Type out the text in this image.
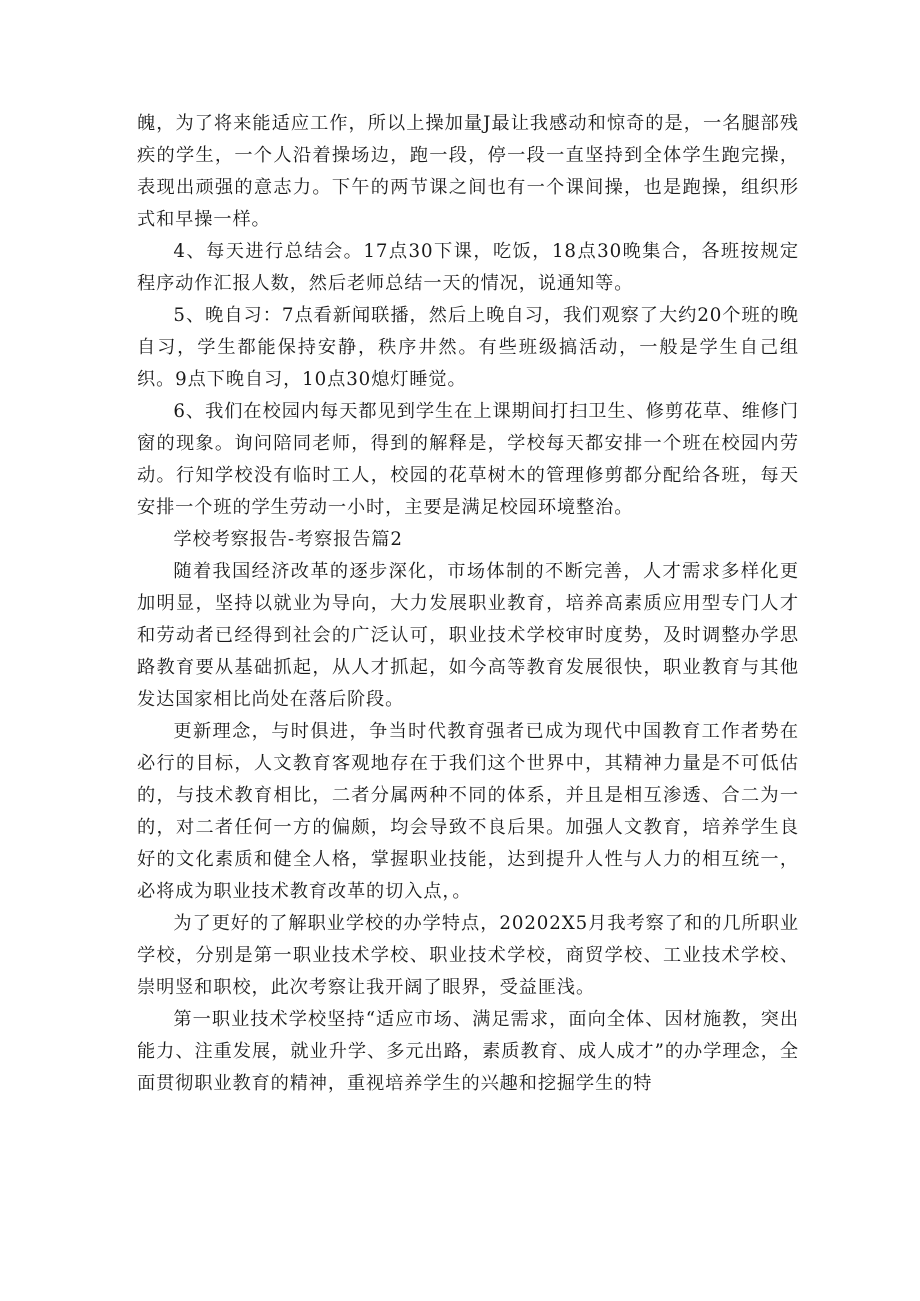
魄，为了将来能适应工作，所以上操加量J最让我感动和惊奇的是，一名腿部残疾的学生，一个人沿着操场边，跑一段，停一段一直坚持到全体学生跑完操，表现出顽强的意志力。下午的两节课之间也有一个课间操，也是跑操，组织形式和早操一样。

4、每天进行总结会。17点30下课，吃饭，18点30晚集合，各班按规定程序动作汇报人数，然后老师总结一天的情况，说通知等。

5、晚自习：7点看新闻联播，然后上晚自习，我们观察了大约20个班的晚自习，学生都能保持安静，秩序井然。有些班级搞活动，一般是学生自己组织。9点下晚自习，10点30熄灯睡觉。

6、我们在校园内每天都见到学生在上课期间打扫卫生、修剪花草、维修门窗的现象。询问陪同老师，得到的解释是，学校每天都安排一个班在校园内劳动。行知学校没有临时工人，校园的花草树木的管理修剪都分配给各班，每天安排一个班的学生劳动一小时，主要是满足校园环境整治。

学校考察报告-考察报告篇2

随着我国经济改革的逐步深化，市场体制的不断完善，人才需求多样化更加明显，坚持以就业为导向，大力发展职业教育，培养高素质应用型专门人才和劳动者已经得到社会的广泛认可，职业技术学校审时度势，及时调整办学思路教育要从基础抓起，从人才抓起，如今高等教育发展很快，职业教育与其他发达国家相比尚处在落后阶段。

更新理念，与时俱进，争当时代教育强者已成为现代中国教育工作者势在必行的目标，人文教育客观地存在于我们这个世界中，其精神力量是不可低估的，与技术教育相比，二者分属两种不同的体系，并且是相互渗透、合二为一的，对二者任何一方的偏颇，均会导致不良后果。加强人文教育，培养学生良好的文化素质和健全人格，掌握职业技能，达到提升人性与人力的相互统一，必将成为职业技术教育改革的切入点，。

为了更好的了解职业学校的办学特点，20202X5月我考察了和的几所职业学校，分别是第一职业技术学校、职业技术学校，商贸学校、工业技术学校、崇明竖和职校，此次考察让我开阔了眼界，受益匪浅。

第一职业技术学校坚持“适应市场、满足需求，面向全体、因材施教，突出能力、注重发展，就业升学、多元出路，素质教育、成人成才”的办学理念，全面贯彻职业教育的精神，重视培养学生的兴趣和挖掘学生的特
